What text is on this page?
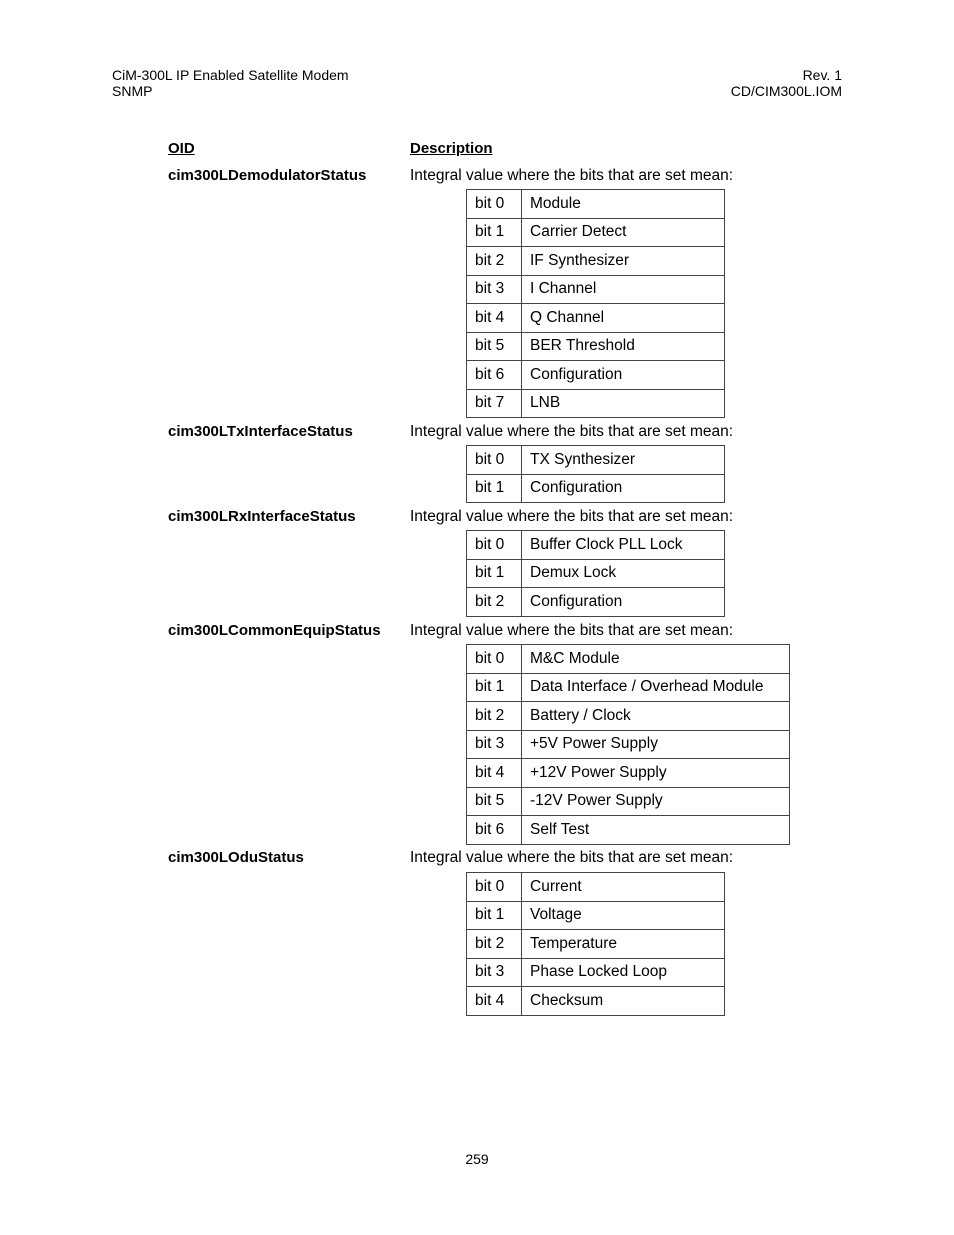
CiM-300L IP Enabled Satellite Modem
SNMP
Rev. 1
CD/CIM300L.IOM
OID	Description
cim300LDemodulatorStatus	Integral value where the bits that are set mean:
bit 0	Module
bit 1	Carrier Detect
bit 2	IF Synthesizer
bit 3	I Channel
bit 4	Q Channel
bit 5	BER Threshold
bit 6	Configuration
bit 7	LNB
cim300LTxInterfaceStatus	Integral value where the bits that are set mean:
bit 0	TX Synthesizer
bit 1	Configuration
cim300LRxInterfaceStatus	Integral value where the bits that are set mean:
bit 0	Buffer Clock PLL Lock
bit 1	Demux Lock
bit 2	Configuration
cim300LCommonEquipStatus Integral value where the bits that are set mean:
bit 0	M&C Module
bit 1	Data Interface / Overhead Module
bit 2	Battery / Clock
bit 3	+5V Power Supply
bit 4	+12V Power Supply
bit 5	-12V Power Supply
bit 6	Self Test
cim300LOduStatus	Integral value where the bits that are set mean:
bit 0	Current
bit 1	Voltage
bit 2	Temperature
bit 3	Phase Locked Loop
bit 4	Checksum
259
